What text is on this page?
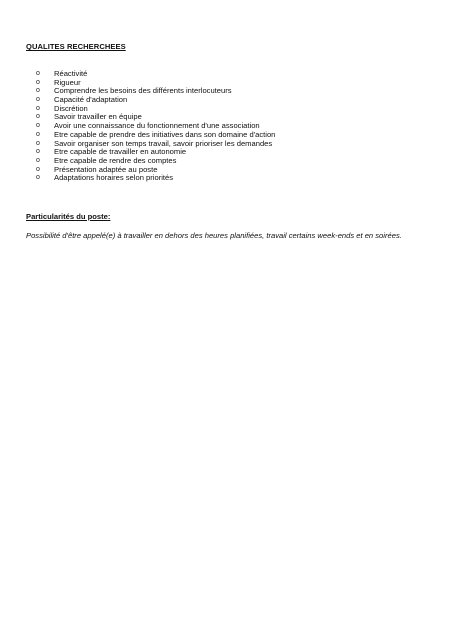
QUALITES RECHERCHEES
o	Réactivité
o	Rigueur
o	Comprendre les besoins des différents interlocuteurs
o	Capacité d'adaptation
o	Discrétion
o	Savoir travailler en équipe
o	Avoir une connaissance du fonctionnement d'une association
o	Etre capable de prendre des initiatives dans son domaine d'action
o	Savoir organiser son temps travail, savoir prioriser les demandes
o	Etre capable de travailler en autonomie
o	Etre capable de rendre des comptes
o	Présentation adaptée au poste
o	Adaptations horaires selon priorités
Particularités du poste:
Possibilité d'être appelé(e) à travailler en dehors des heures planifiées, travail certains week-ends et en soirées.
